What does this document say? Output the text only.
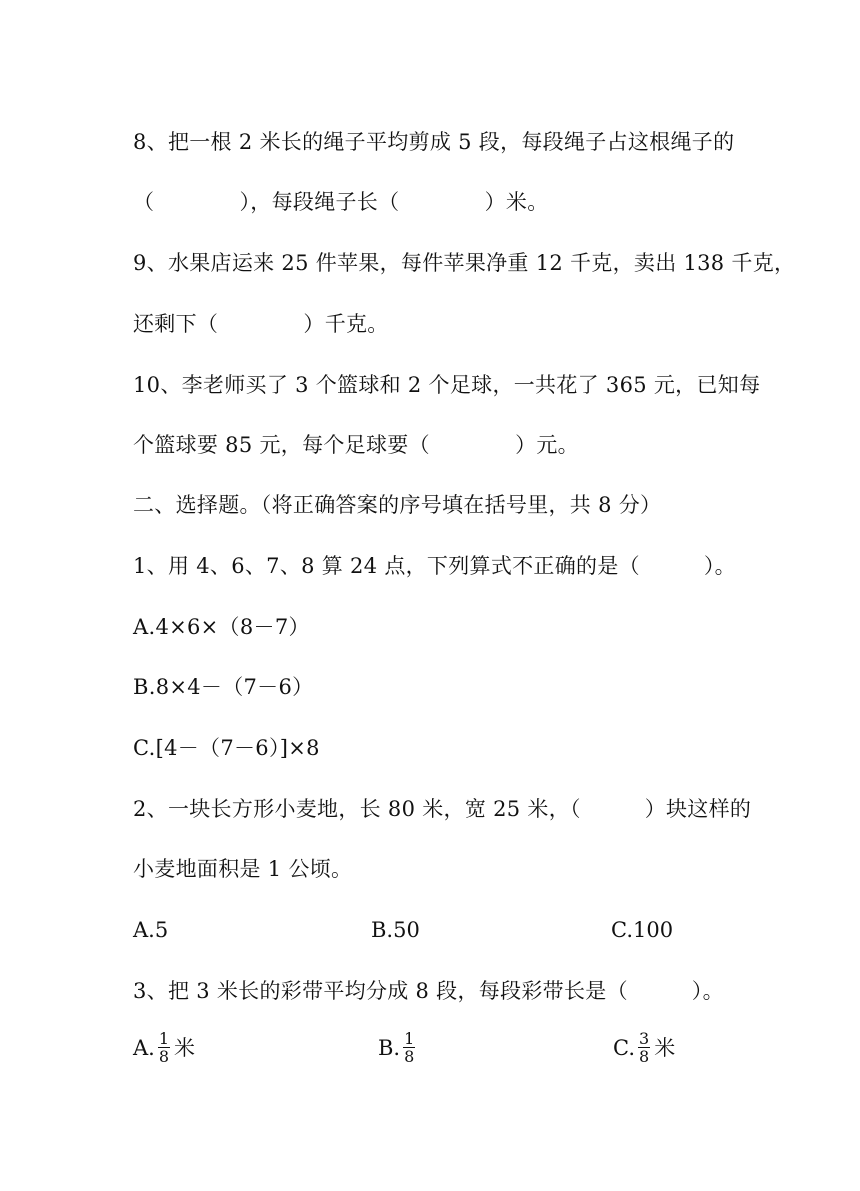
8、把一根 2 米长的绳子平均剪成 5 段，每段绳子占这根绳子的
（　　　　），每段绳子长（　　　　）米。
9、水果店运来 25 件苹果，每件苹果净重 12 千克，卖出 138 千克，
还剩下（　　　　）千克。
10、李老师买了 3 个篮球和 2 个足球，一共花了 365 元，已知每
个篮球要 85 元，每个足球要（　　　　）元。
二、选择题。（将正确答案的序号填在括号里，共 8 分）
1、用 4、6、7、8 算 24 点，下列算式不正确的是（　　　）。
A.4×6×（8－7）
B.8×4－（7－6）
C.[4－（7－6）]×8
2、一块长方形小麦地，长 80 米，宽 25 米，（　　　）块这样的
小麦地面积是 1 公顷。
A.5	B.50	C.100
3、把 3 米长的彩带平均分成 8 段，每段彩带长是（　　　）。
A. $\frac{1}{8}$ 米	B. $\frac{1}{8}$	C. $\frac{3}{8}$ 米
